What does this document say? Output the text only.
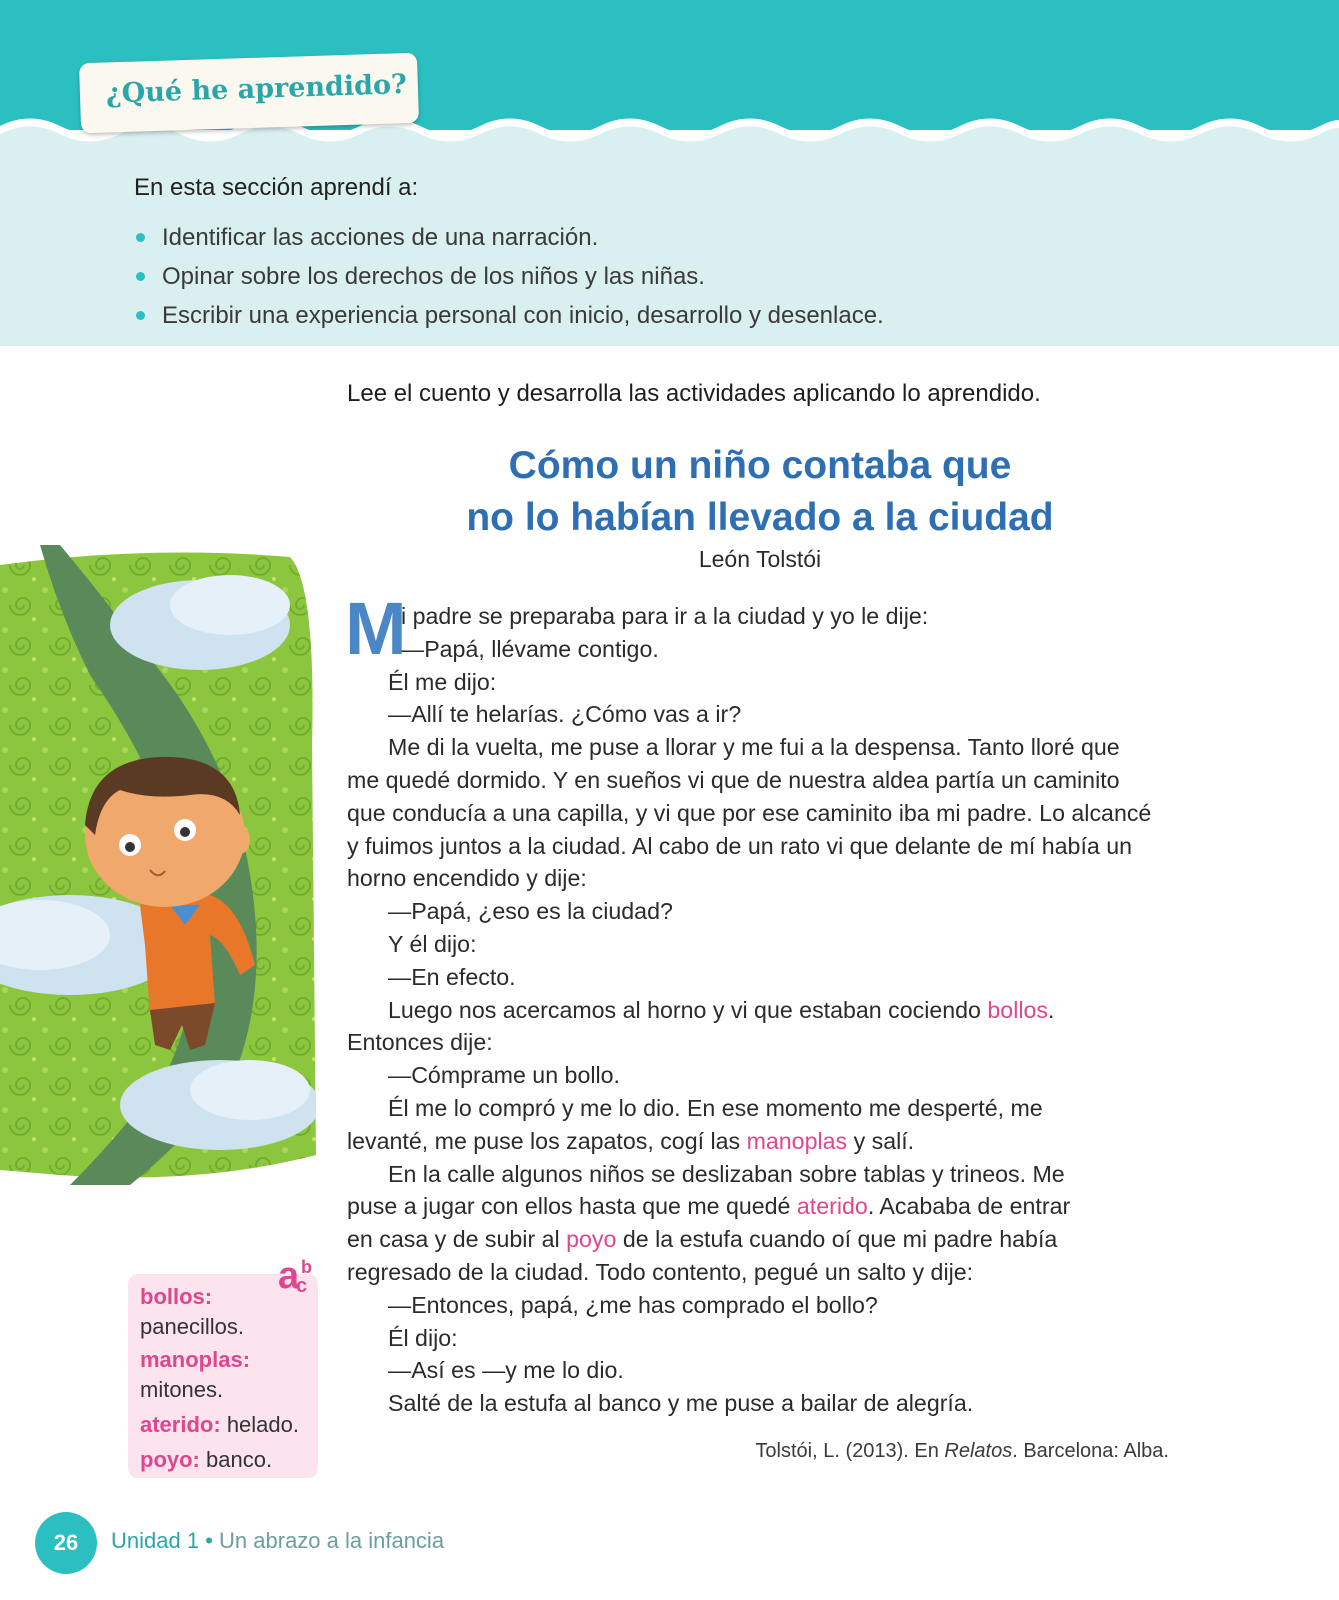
¿Qué he aprendido?
En esta sección aprendí a:
Identificar las acciones de una narración.
Opinar sobre los derechos de los niños y las niñas.
Escribir una experiencia personal con inicio, desarrollo y desenlace.
Lee el cuento y desarrolla las actividades aplicando lo aprendido.
Cómo un niño contaba que
no lo habían llevado a la ciudad
León Tolstói
M
i padre se preparaba para ir a la ciudad y yo le dije:
—Papá, llévame contigo.
Él me dijo:
—Allí te helarías. ¿Cómo vas a ir?
Me di la vuelta, me puse a llorar y me fui a la despensa. Tanto lloré que
me quedé dormido. Y en sueños vi que de nuestra aldea partía un caminito
que conducía a una capilla, y vi que por ese caminito iba mi padre. Lo alcancé
y fuimos juntos a la ciudad. Al cabo de un rato vi que delante de mí había un
horno encendido y dije:
—Papá, ¿eso es la ciudad?
Y él dijo:
—En efecto.
Luego nos acercamos al horno y vi que estaban cociendo bollos.
Entonces dije:
—Cómprame un bollo.
Él me lo compró y me lo dio. En ese momento me desperté, me
levanté, me puse los zapatos, cogí las manoplas y salí.
En la calle algunos niños se deslizaban sobre tablas y trineos. Me
puse a jugar con ellos hasta que me quedé aterido. Acababa de entrar
en casa y de subir al poyo de la estufa cuando oí que mi padre había
regresado de la ciudad. Todo contento, pegué un salto y dije:
—Entonces, papá, ¿me has comprado el bollo?
Él dijo:
—Así es —y me lo dio.
Salté de la estufa al banco y me puse a bailar de alegría.
Tolstói, L. (2013). En Relatos. Barcelona: Alba.
a b
c
bollos:
panecillos.
manoplas:
mitones.
aterido: helado.
poyo: banco.
26	Unidad 1 • Un abrazo a la infancia
